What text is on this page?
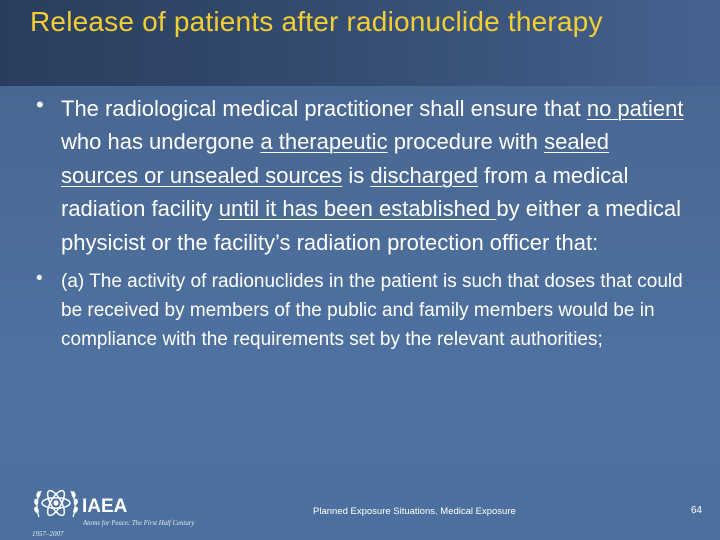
Release of patients after radionuclide therapy
• The radiological medical practitioner shall ensure that no patient who has undergone a therapeutic procedure with sealed sources or unsealed sources is discharged from a medical radiation facility until it has been established by either a medical physicist or the facility’s radiation protection officer that:
• (a) The activity of radionuclides in the patient is such that doses that could be received by members of the public and family members would be in compliance with the requirements set by the relevant authorities;
IAEA
Atoms for Peace: The First Half Century
1957–2007
Planned Exposure Situations. Medical Exposure	64
